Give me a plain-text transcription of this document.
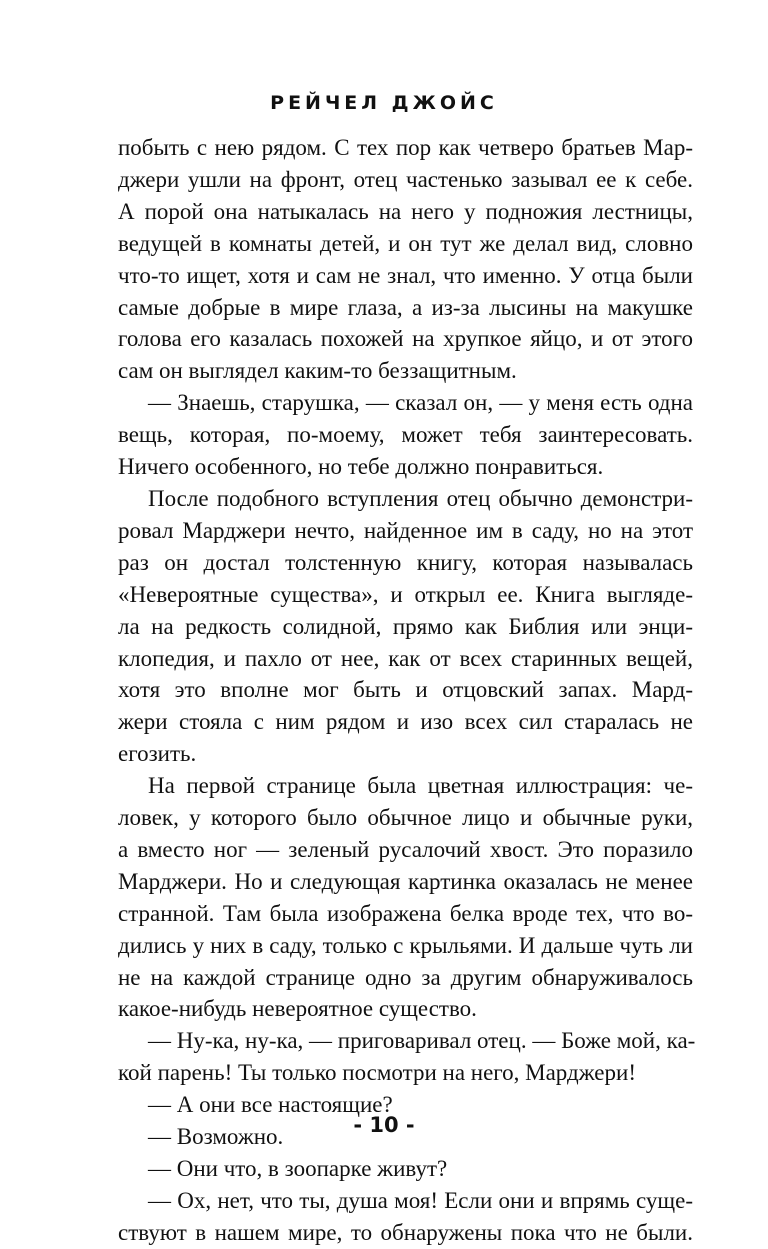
РЕЙЧЕЛ ДЖОЙС
побыть с нею рядом. С тех пор как четверо братьев Мар-
джери ушли на фронт, отец частенько зазывал ее к себе.
А порой она натыкалась на него у подножия лестницы,
ведущей в комнаты детей, и он тут же делал вид, словно
что-то ищет, хотя и сам не знал, что именно. У отца были
самые добрые в мире глаза, а из-за лысины на макушке
голова его казалась похожей на хрупкое яйцо, и от этого
сам он выглядел каким-то беззащитным.
— Знаешь, старушка, — сказал он, — у меня есть одна
вещь, которая, по-моему, может тебя заинтересовать.
Ничего особенного, но тебе должно понравиться.
После подобного вступления отец обычно демонстри-
ровал Марджери нечто, найденное им в саду, но на этот
раз он достал толстенную книгу, которая называлась
«Невероятные существа», и открыл ее. Книга выгляде-
ла на редкость солидной, прямо как Библия или энци-
клопедия, и пахло от нее, как от всех старинных вещей,
хотя это вполне мог быть и отцовский запах. Мард-
жери стояла с ним рядом и изо всех сил старалась не
егозить.
На первой странице была цветная иллюстрация: че-
ловек, у которого было обычное лицо и обычные руки,
а вместо ног — зеленый русалочий хвост. Это поразило
Марджери. Но и следующая картинка оказалась не менее
странной. Там была изображена белка вроде тех, что во-
дились у них в саду, только с крыльями. И дальше чуть ли
не на каждой странице одно за другим обнаруживалось
какое-нибудь невероятное существо.
— Ну-ка, ну-ка, — приговаривал отец. — Боже мой, ка-
кой парень! Ты только посмотри на него, Марджери!
— А они все настоящие?
— Возможно.
— Они что, в зоопарке живут?
— Ох, нет, что ты, душа моя! Если они и впрямь суще-
ствуют в нашем мире, то обнаружены пока что не были.
- 10 -
